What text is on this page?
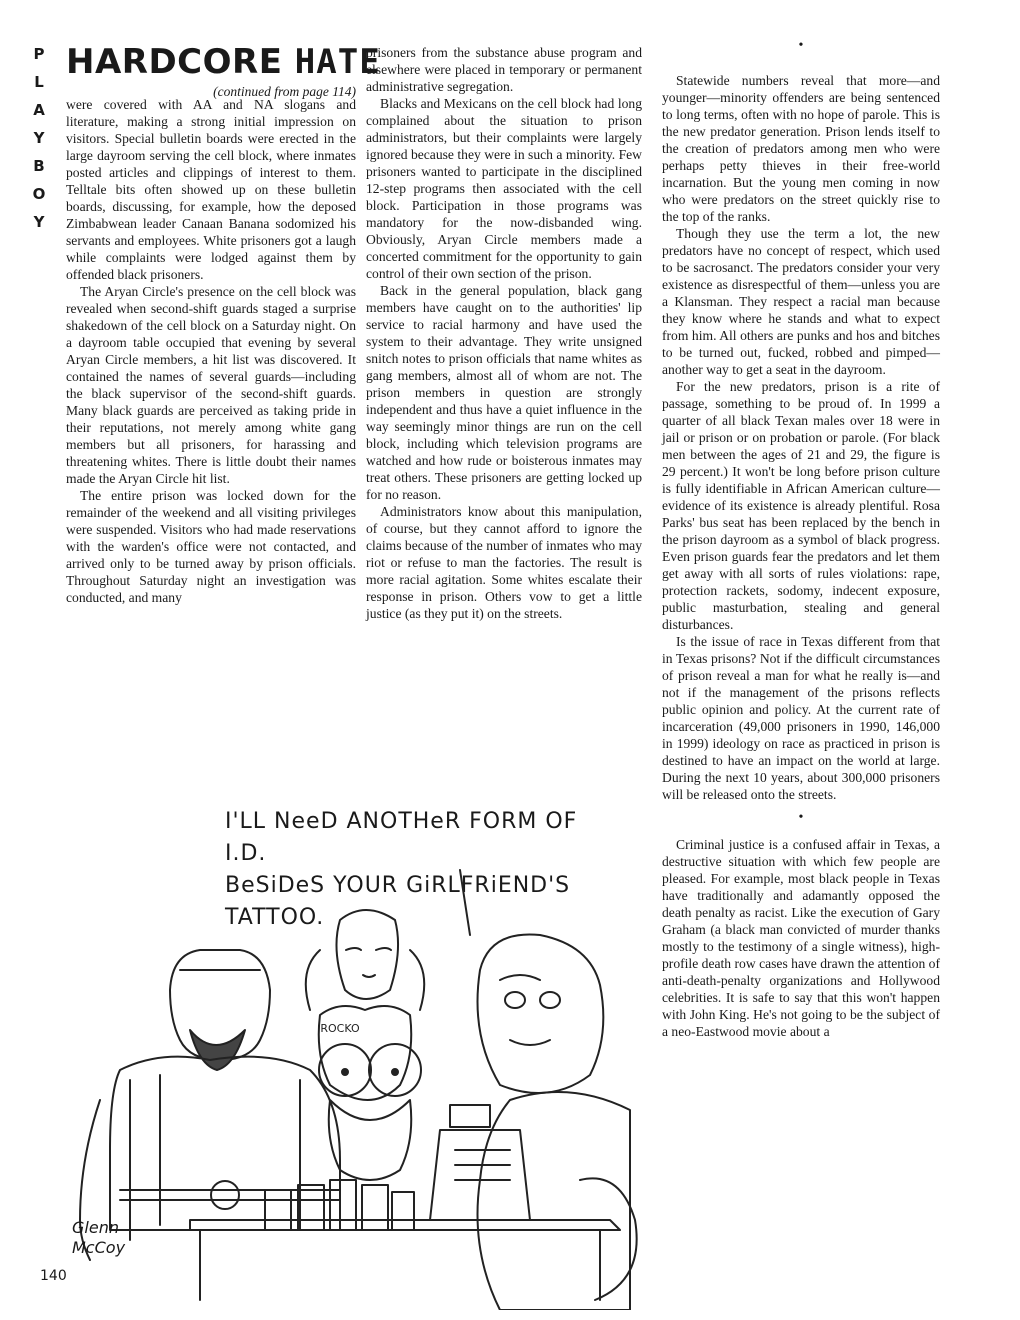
P
L
A
Y
B
O
Y
HARDCORE HATE
(continued from page 114)

were covered with AA and NA slogans and literature, making a strong initial impression on visitors. Special bulletin boards were erected in the large dayroom serving the cell block, where inmates posted articles and clippings of interest to them. Telltale bits often showed up on these bulletin boards, discussing, for example, how the deposed Zimbabwean leader Canaan Banana sodomized his servants and employees. White prisoners got a laugh while complaints were lodged against them by offended black prisoners.

The Aryan Circle's presence on the cell block was revealed when second-shift guards staged a surprise shakedown of the cell block on a Saturday night. On a dayroom table occupied that evening by several Aryan Circle members, a hit list was discovered. It contained the names of several guards—including the black supervisor of the second-shift guards. Many black guards are perceived as taking pride in their reputations, not merely among white gang members but all prisoners, for harassing and threatening whites. There is little doubt their names made the Aryan Circle hit list.

The entire prison was locked down for the remainder of the weekend and all visiting privileges were suspended. Visitors who had made reservations with the warden's office were not contacted, and arrived only to be turned away by prison officials. Throughout Saturday night an investigation was conducted, and many

prisoners from the substance abuse program and elsewhere were placed in temporary or permanent administrative segregation.

Blacks and Mexicans on the cell block had long complained about the situation to prison administrators, but their complaints were largely ignored because they were in such a minority. Few prisoners wanted to participate in the disciplined 12-step programs then associated with the cell block. Participation in those programs was mandatory for the now-disbanded wing. Obviously, Aryan Circle members made a concerted commitment for the opportunity to gain control of their own section of the prison.

Back in the general population, black gang members have caught on to the authorities' lip service to racial harmony and have used the system to their advantage. They write unsigned snitch notes to prison officials that name whites as gang members, almost all of whom are not. The prison members in question are strongly independent and thus have a quiet influence in the way seemingly minor things are run on the cell block, including which television programs are watched and how rude or boisterous inmates may treat others. These prisoners are getting locked up for no reason.

Administrators know about this manipulation, of course, but they cannot afford to ignore the claims because of the number of inmates who may riot or refuse to man the factories. The result is more racial agitation. Some whites escalate their response in prison. Others vow to get a little justice (as they put it) on the streets.

•

Statewide numbers reveal that more—and younger—minority offenders are being sentenced to long terms, often with no hope of parole. This is the new predator generation. Prison lends itself to the creation of predators among men who were perhaps petty thieves in their free-world incarnation. But the young men coming in now who were predators on the street quickly rise to the top of the ranks.

Though they use the term a lot, the new predators have no concept of respect, which used to be sacrosanct. The predators consider your very existence as disrespectful of them—unless you are a Klansman. They respect a racial man because they know where he stands and what to expect from him. All others are punks and hos and bitches to be turned out, fucked, robbed and pimped—another way to get a seat in the dayroom.

For the new predators, prison is a rite of passage, something to be proud of. In 1999 a quarter of all black Texan males over 18 were in jail or prison or on probation or parole. (For black men between the ages of 21 and 29, the figure is 29 percent.) It won't be long before prison culture is fully identifiable in African American culture—evidence of its existence is already plentiful. Rosa Parks' bus seat has been replaced by the bench in the prison dayroom as a symbol of black progress. Even prison guards fear the predators and let them get away with all sorts of rules violations: rape, protection rackets, sodomy, indecent exposure, public masturbation, stealing and general disturbances.

Is the issue of race in Texas different from that in Texas prisons? Not if the difficult circumstances of prison reveal a man for what he really is—and not if the management of the prisons reflects public opinion and policy. At the current rate of incarceration (49,000 prisoners in 1990, 146,000 in 1999) ideology on race as practiced in prison is destined to have an impact on the world at large. During the next 10 years, about 300,000 prisoners will be released onto the streets.

•

Criminal justice is a confused affair in Texas, a destructive situation with which few people are pleased. For example, most black people in Texas have traditionally and adamantly opposed the death penalty as racist. Like the execution of Gary Graham (a black man convicted of murder thanks mostly to the testimony of a single witness), high-profile death row cases have drawn the attention of anti-death-penalty organizations and Hollywood celebrities. It is safe to say that this won't happen with John King. He's not going to be the subject of a neo-Eastwood movie about a

I'LL NeeD ANOTHeR FORM OF I.D.
BeSiDeS YOUR GiRLFRiEND'S TATTOO.
ROCKO
Glenn
McCoy
140
